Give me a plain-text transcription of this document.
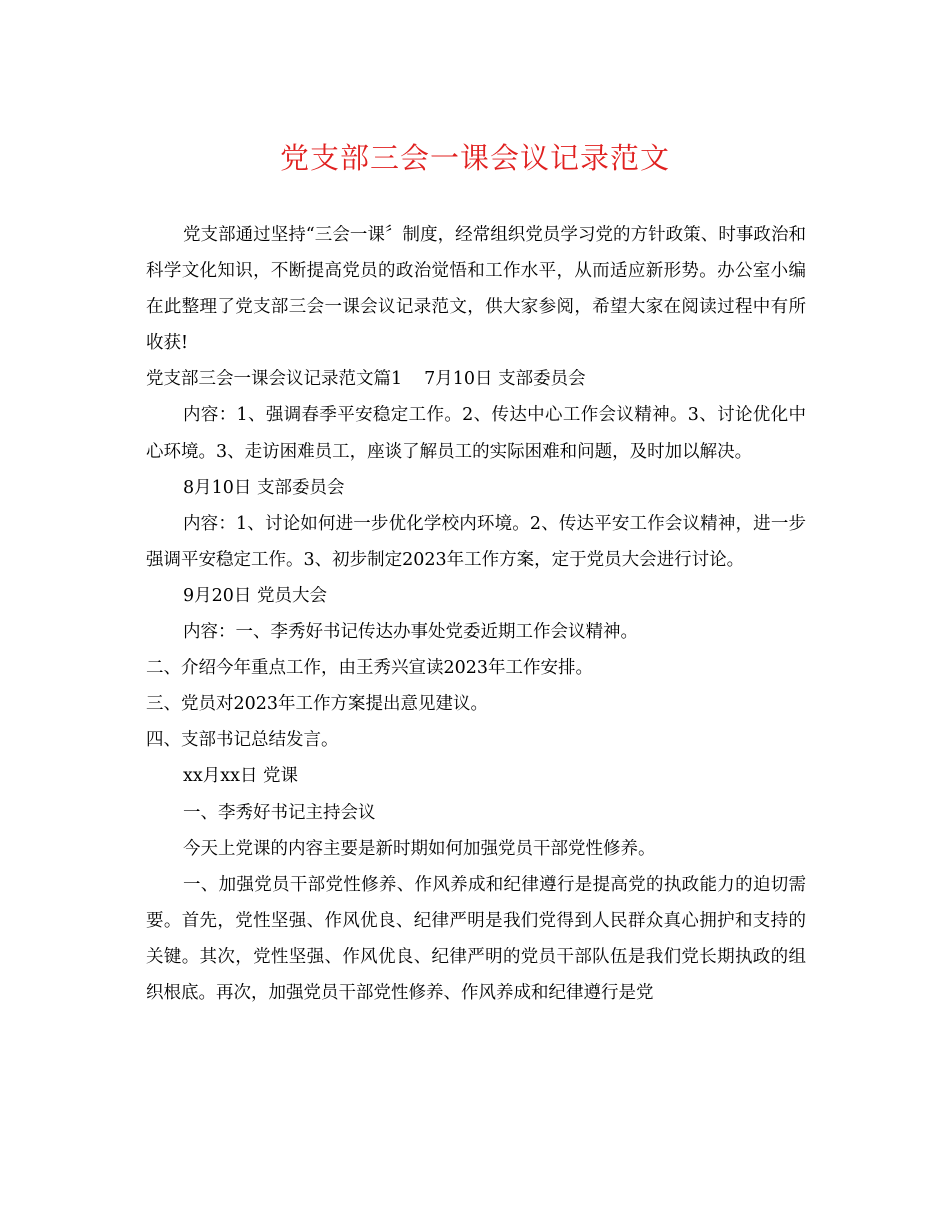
党支部三会一课会议记录范文

党支部通过坚持“三会一课〞制度，经常组织党员学习党的方针政策、时事政治和科学文化知识，不断提高党员的政治觉悟和工作水平，从而适应新形势。办公室小编在此整理了党支部三会一课会议记录范文，供大家参阅，希望大家在阅读过程中有所收获!

党支部三会一课会议记录范文篇1 7月10日 支部委员会

内容：1、强调春季平安稳定工作。2、传达中心工作会议精神。3、讨论优化中心环境。3、走访困难员工，座谈了解员工的实际困难和问题，及时加以解决。

8月10日 支部委员会

内容：1、讨论如何进一步优化学校内环境。2、传达平安工作会议精神，进一步强调平安稳定工作。3、初步制定2023年工作方案，定于党员大会进行讨论。

9月20日 党员大会

内容：一、李秀好书记传达办事处党委近期工作会议精神。

二、介绍今年重点工作，由王秀兴宣读2023年工作安排。

三、党员对2023年工作方案提出意见建议。

四、支部书记总结发言。

xx月xx日 党课

一、李秀好书记主持会议

今天上党课的内容主要是新时期如何加强党员干部党性修养。

一、加强党员干部党性修养、作风养成和纪律遵行是提高党的执政能力的迫切需要。首先，党性坚强、作风优良、纪律严明是我们党得到人民群众真心拥护和支持的关键。其次，党性坚强、作风优良、纪律严明的党员干部队伍是我们党长期执政的组织根底。再次，加强党员干部党性修养、作风养成和纪律遵行是党
